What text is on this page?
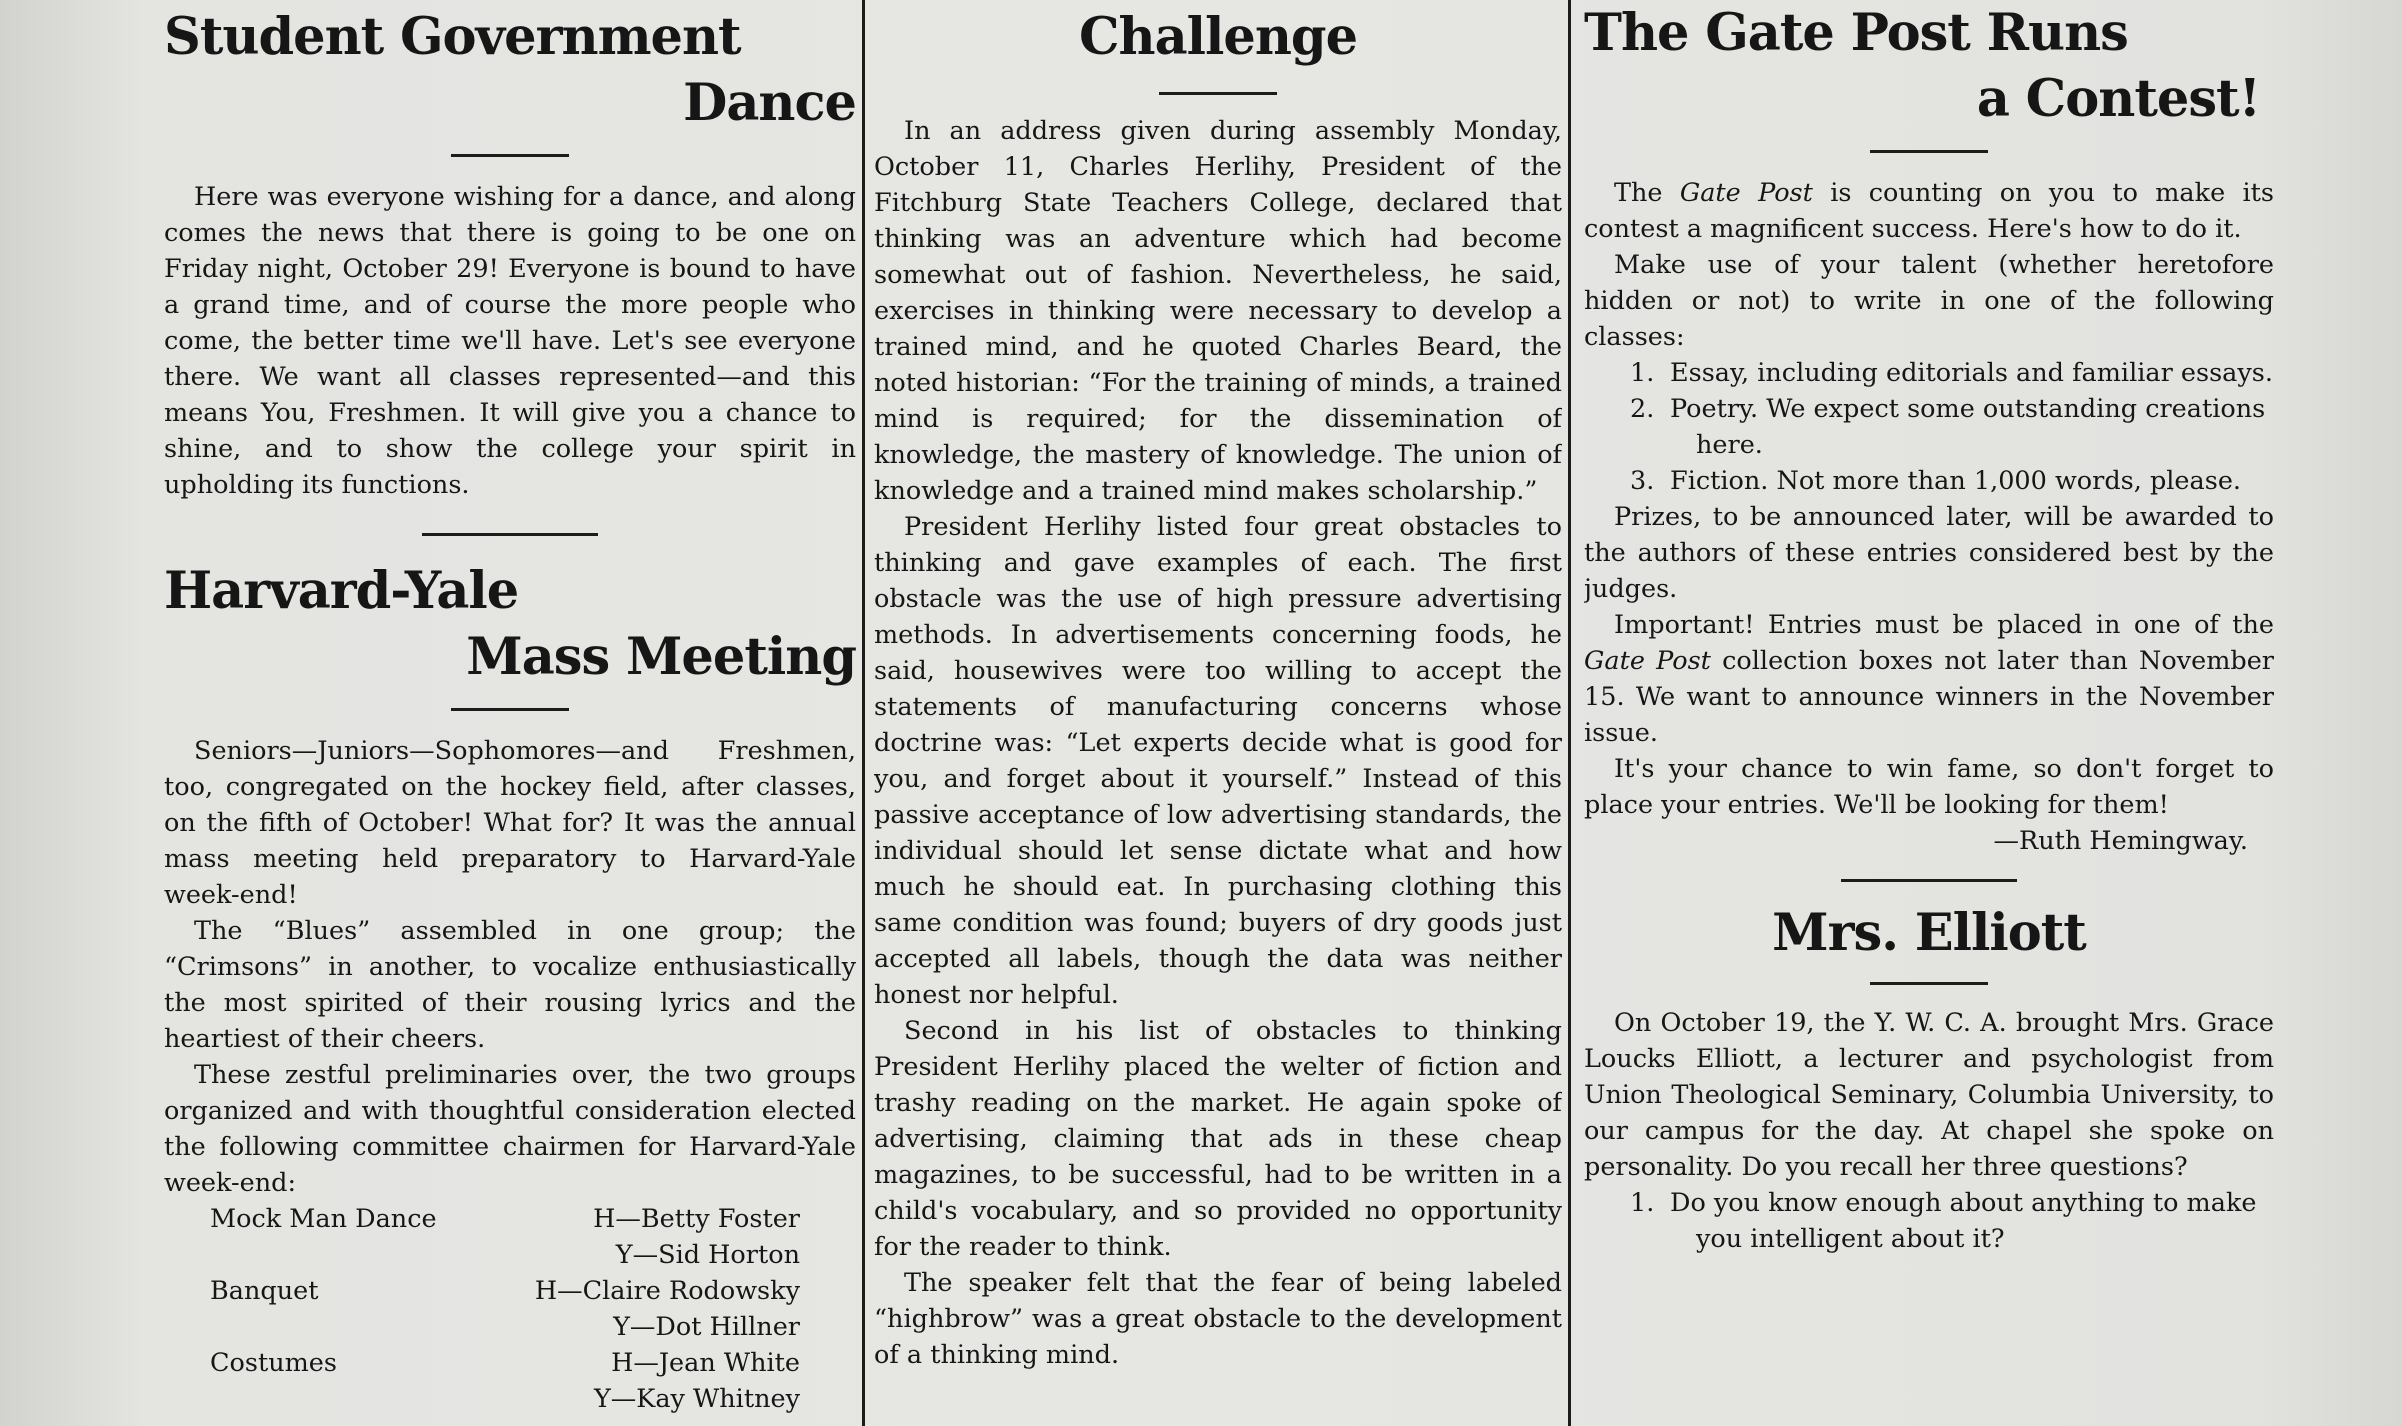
Student Government
Dance

Here was everyone wishing for a dance, and along comes the news that there is going to be one on Friday night, October 29! Everyone is bound to have a grand time, and of course the more people who come, the better time we'll have. Let's see everyone there. We want all classes represented—and this means You, Freshmen. It will give you a chance to shine, and to show the college your spirit in upholding its functions.

Harvard-Yale
Mass Meeting

Seniors—Juniors—Sophomores—and Freshmen, too, congregated on the hockey field, after classes, on the fifth of October! What for? It was the annual mass meeting held preparatory to Harvard-Yale week-end!

The “Blues” assembled in one group; the “Crimsons” in another, to vocalize enthusiastically the most spirited of their rousing lyrics and the heartiest of their cheers.

These zestful preliminaries over, the two groups organized and with thoughtful consideration elected the following committee chairmen for Harvard-Yale week-end:

Mock Man Dance	H—Betty Foster
	Y—Sid Horton
Banquet	H—Claire Rodowsky
	Y—Dot Hillner
Costumes	H—Jean White
	Y—Kay Whitney
Challenge

In an address given during assembly Monday, October 11, Charles Herlihy, President of the Fitchburg State Teachers College, declared that thinking was an adventure which had become somewhat out of fashion. Nevertheless, he said, exercises in thinking were necessary to develop a trained mind, and he quoted Charles Beard, the noted historian: “For the training of minds, a trained mind is required; for the dissemination of knowledge, the mastery of knowledge. The union of knowledge and a trained mind makes scholarship.”

President Herlihy listed four great obstacles to thinking and gave examples of each. The first obstacle was the use of high pressure advertising methods. In advertisements concerning foods, he said, housewives were too willing to accept the statements of manufacturing concerns whose doctrine was: “Let experts decide what is good for you, and forget about it yourself.” Instead of this passive acceptance of low advertising standards, the individual should let sense dictate what and how much he should eat. In purchasing clothing this same condition was found; buyers of dry goods just accepted all labels, though the data was neither honest nor helpful.

Second in his list of obstacles to thinking President Herlihy placed the welter of fiction and trashy reading on the market. He again spoke of advertising, claiming that ads in these cheap magazines, to be successful, had to be written in a child's vocabulary, and so provided no opportunity for the reader to think.

The speaker felt that the fear of being labeled “highbrow” was a great obstacle to the development of a thinking mind.

The Gate Post Runs
a Contest!

The Gate Post is counting on you to make its contest a magnificent success. Here's how to do it.

Make use of your talent (whether heretofore hidden or not) to write in one of the following classes:

1. Essay, including editorials and familiar essays.
2. Poetry. We expect some outstanding creations here.
3. Fiction. Not more than 1,000 words, please.

Prizes, to be announced later, will be awarded to the authors of these entries considered best by the judges.

Important! Entries must be placed in one of the Gate Post collection boxes not later than November 15. We want to announce winners in the November issue.

It's your chance to win fame, so don't forget to place your entries. We'll be looking for them!

—Ruth Hemingway.

Mrs. Elliott

On October 19, the Y. W. C. A. brought Mrs. Grace Loucks Elliott, a lecturer and psychologist from Union Theological Seminary, Columbia University, to our campus for the day. At chapel she spoke on personality. Do you recall her three questions?

1. Do you know enough about anything to make you intelligent about it?
